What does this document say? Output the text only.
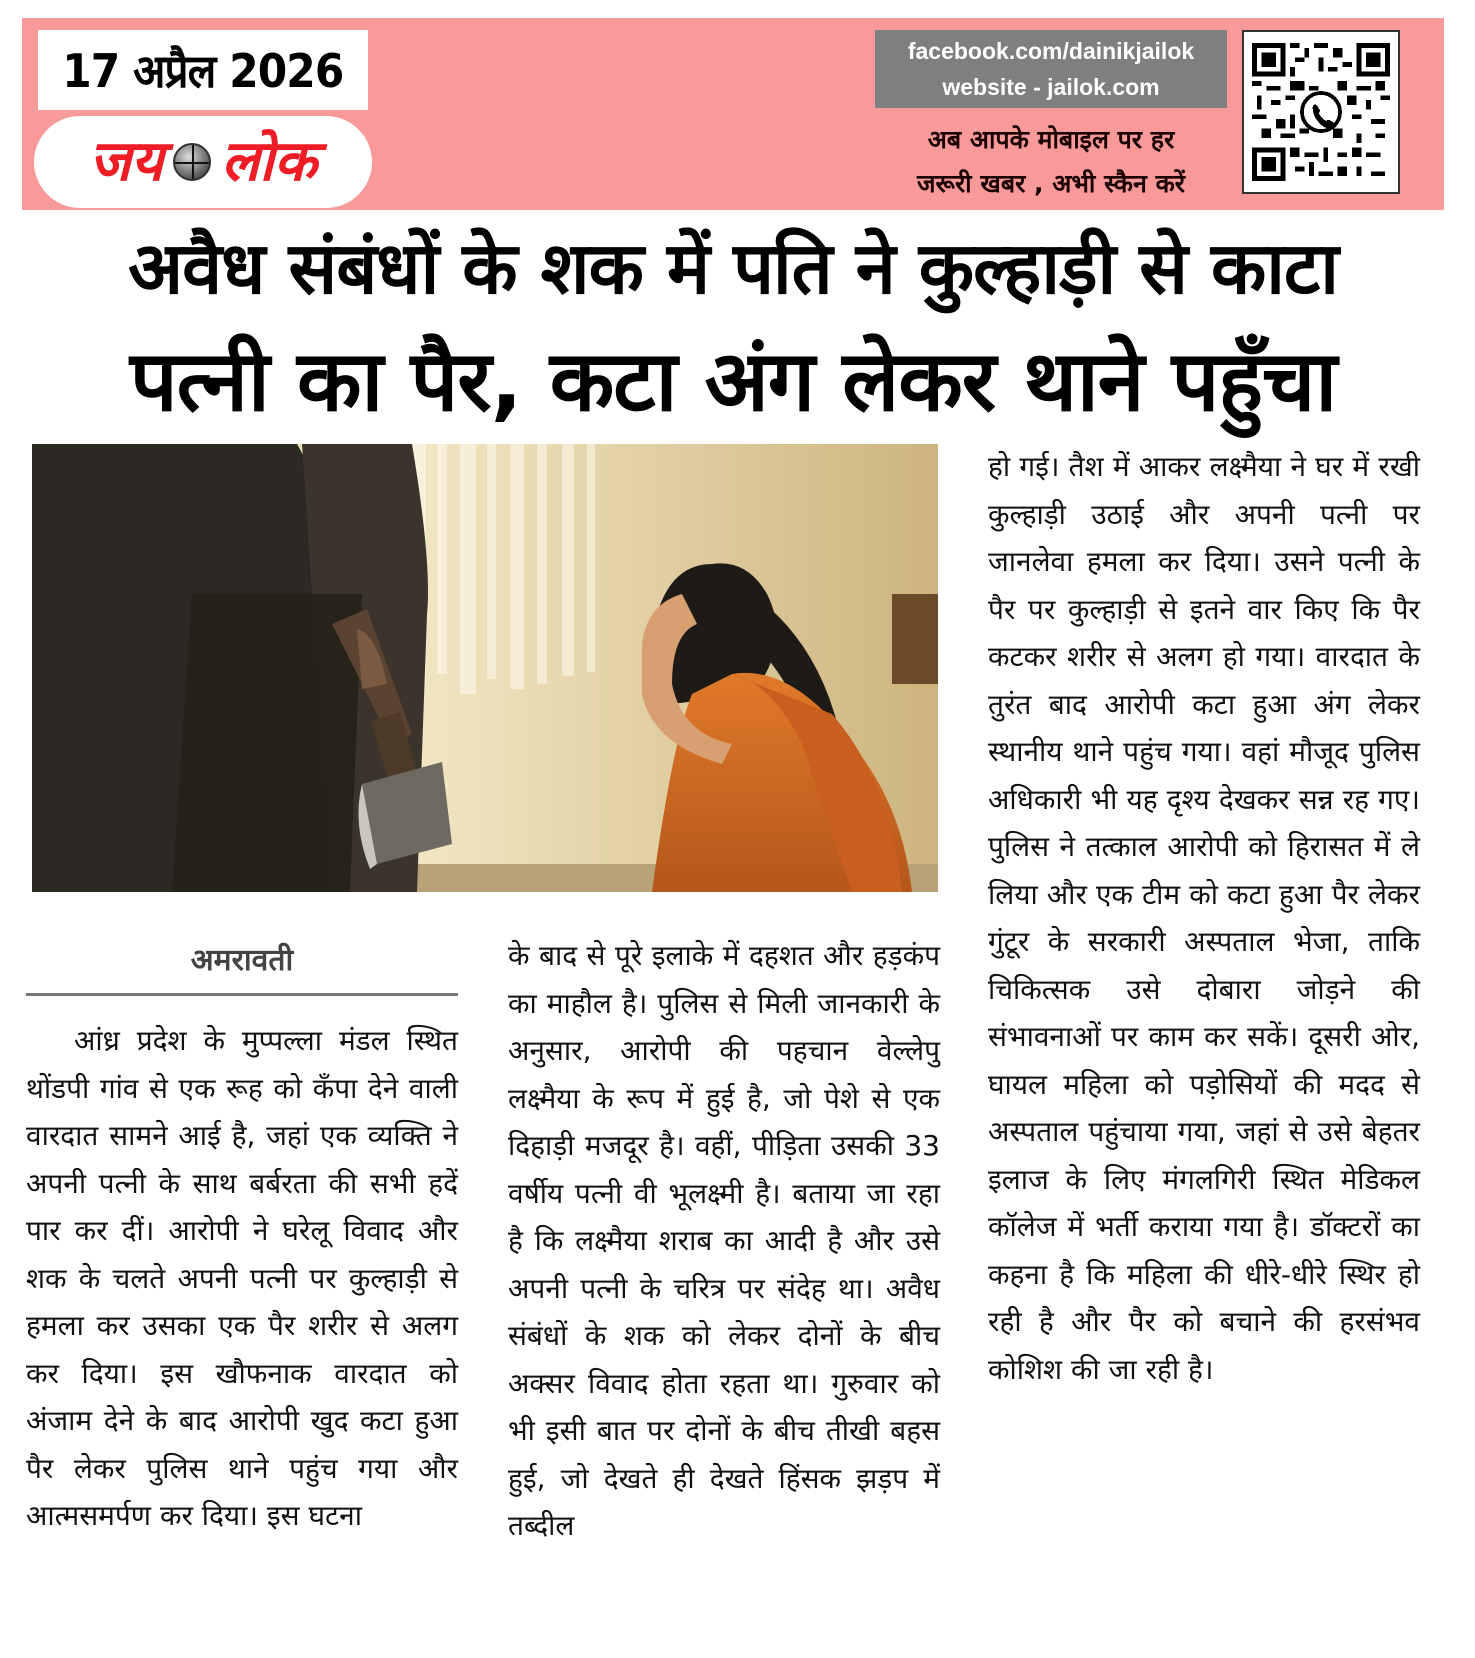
17 अप्रैल 2026
जय लोक
facebook.com/dainikjailok
website - jailok.com
अब आपके मोबाइल पर हर
जरूरी खबर , अभी स्कैन करें
अवैध संबंधों के शक में पति ने कुल्हाड़ी से काटा
पत्नी का पैर, कटा अंग लेकर थाने पहुँचा
अमरावती

आंध्र प्रदेश के मुप्पल्ला मंडल स्थित थोंडपी गांव से एक रूह को कँपा देने वाली वारदात सामने आई है, जहां एक व्यक्ति ने अपनी पत्नी के साथ बर्बरता की सभी हदें पार कर दीं। आरोपी ने घरेलू विवाद और शक के चलते अपनी पत्नी पर कुल्हाड़ी से हमला कर उसका एक पैर शरीर से अलग कर दिया। इस खौफनाक वारदात को अंजाम देने के बाद आरोपी खुद कटा हुआ पैर लेकर पुलिस थाने पहुंच गया और आत्मसमर्पण कर दिया। इस घटना

के बाद से पूरे इलाके में दहशत और हड़कंप का माहौल है। पुलिस से मिली जानकारी के अनुसार, आरोपी की पहचान वेल्लेपु लक्ष्मैया के रूप में हुई है, जो पेशे से एक दिहाड़ी मजदूर है। वहीं, पीड़िता उसकी 33 वर्षीय पत्नी वी भूलक्ष्मी है। बताया जा रहा है कि लक्ष्मैया शराब का आदी है और उसे अपनी पत्नी के चरित्र पर संदेह था। अवैध संबंधों के शक को लेकर दोनों के बीच अक्सर विवाद होता रहता था। गुरुवार को भी इसी बात पर दोनों के बीच तीखी बहस हुई, जो देखते ही देखते हिंसक झड़प में तब्दील

हो गई। तैश में आकर लक्ष्मैया ने घर में रखी कुल्हाड़ी उठाई और अपनी पत्नी पर जानलेवा हमला कर दिया। उसने पत्नी के पैर पर कुल्हाड़ी से इतने वार किए कि पैर कटकर शरीर से अलग हो गया। वारदात के तुरंत बाद आरोपी कटा हुआ अंग लेकर स्थानीय थाने पहुंच गया। वहां मौजूद पुलिस अधिकारी भी यह दृश्य देखकर सन्न रह गए। पुलिस ने तत्काल आरोपी को हिरासत में ले लिया और एक टीम को कटा हुआ पैर लेकर गुंटूर के सरकारी अस्पताल भेजा, ताकि चिकित्सक उसे दोबारा जोड़ने की संभावनाओं पर काम कर सकें। दूसरी ओर, घायल महिला को पड़ोसियों की मदद से अस्पताल पहुंचाया गया, जहां से उसे बेहतर इलाज के लिए मंगलगिरी स्थित मेडिकल कॉलेज में भर्ती कराया गया है। डॉक्टरों का कहना है कि महिला की धीरे-धीरे स्थिर हो रही है और पैर को बचाने की हरसंभव कोशिश की जा रही है।
